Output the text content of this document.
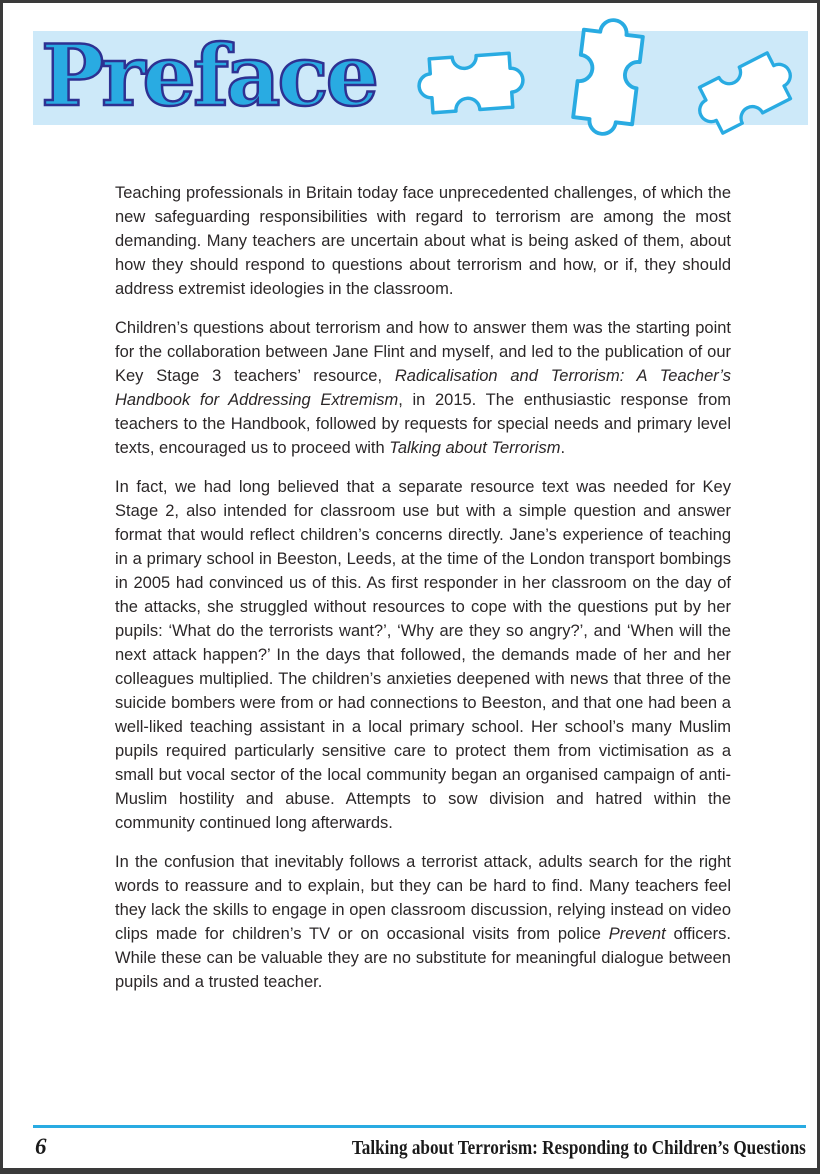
Preface

Teaching professionals in Britain today face unprecedented challenges, of which the new safeguarding responsibilities with regard to terrorism are among the most demanding. Many teachers are uncertain about what is being asked of them, about how they should respond to questions about terrorism and how, or if, they should address extremist ideologies in the classroom.

Children’s questions about terrorism and how to answer them was the starting point for the collaboration between Jane Flint and myself, and led to the publication of our Key Stage 3 teachers’ resource, Radicalisation and Terrorism: A Teacher’s Handbook for Addressing Extremism, in 2015. The enthusiastic response from teachers to the Handbook, followed by requests for special needs and primary level texts, encouraged us to proceed with Talking about Terrorism.

In fact, we had long believed that a separate resource text was needed for Key Stage 2, also intended for classroom use but with a simple question and answer format that would reflect children’s concerns directly. Jane’s experience of teaching in a primary school in Beeston, Leeds, at the time of the London transport bombings in 2005 had convinced us of this. As first responder in her classroom on the day of the attacks, she struggled without resources to cope with the questions put by her pupils: ‘What do the terrorists want?’, ‘Why are they so angry?’, and ‘When will the next attack happen?’ In the days that followed, the demands made of her and her colleagues multiplied. The children’s anxieties deepened with news that three of the suicide bombers were from or had connections to Beeston, and that one had been a well-liked teaching assistant in a local primary school. Her school’s many Muslim pupils required particularly sensitive care to protect them from victimisation as a small but vocal sector of the local community began an organised campaign of anti-Muslim hostility and abuse. Attempts to sow division and hatred within the community continued long afterwards.

In the confusion that inevitably follows a terrorist attack, adults search for the right words to reassure and to explain, but they can be hard to find. Many teachers feel they lack the skills to engage in open classroom discussion, relying instead on video clips made for children’s TV or on occasional visits from police Prevent officers. While these can be valuable they are no substitute for meaningful dialogue between pupils and a trusted teacher.

6	Talking about Terrorism: Responding to Children’s Questions
